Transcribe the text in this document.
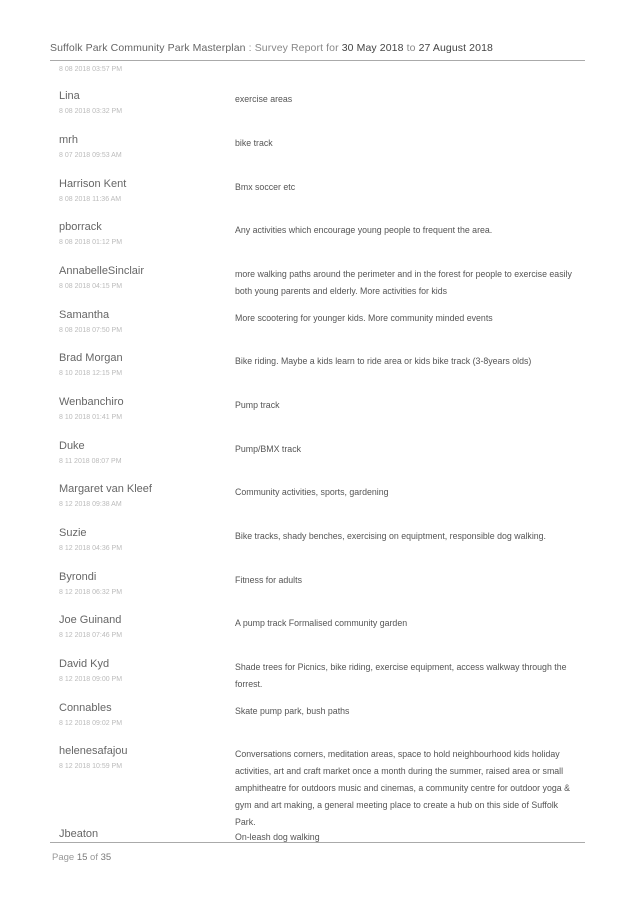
Suffolk Park Community Park Masterplan : Survey Report for 30 May 2018 to 27 August 2018
8 08 2018 03:57 PM
Lina
8 08 2018 03:32 PM
exercise areas
mrh
8 07 2018 09:53 AM
bike track
Harrison Kent
8 08 2018 11:36 AM
Bmx soccer etc
pborrack
8 08 2018 01:12 PM
Any activities which encourage young people to frequent the area.
AnnabelleSinclair
8 08 2018 04:15 PM
more walking paths around the perimeter and in the forest for people to exercise easily both young parents and elderly. More activities for kids
Samantha
8 08 2018 07:50 PM
More scootering for younger kids. More community minded events
Brad Morgan
8 10 2018 12:15 PM
Bike riding. Maybe a kids learn to ride area or kids bike track (3-8years olds)
Wenbanchiro
8 10 2018 01:41 PM
Pump track
Duke
8 11 2018 08:07 PM
Pump/BMX track
Margaret van Kleef
8 12 2018 09:38 AM
Community activities, sports, gardening
Suzie
8 12 2018 04:36 PM
Bike tracks, shady benches, exercising on equiptment, responsible dog walking.
Byrondi
8 12 2018 06:32 PM
Fitness for adults
Joe Guinand
8 12 2018 07:46 PM
A pump track Formalised community garden
David Kyd
8 12 2018 09:00 PM
Shade trees for Picnics, bike riding, exercise equipment, access walkway through the forrest.
Connables
8 12 2018 09:02 PM
Skate pump park, bush paths
helenesafajou
8 12 2018 10:59 PM
Conversations corners, meditation areas, space to hold neighbourhood kids holiday activities, art and craft market once a month during the summer, raised area or small amphitheatre for outdoors music and cinemas, a community centre for outdoor yoga & gym and art making, a general meeting place to create a hub on this side of Suffolk Park.
Jbeaton	On-leash dog walking
Page 15 of 35
